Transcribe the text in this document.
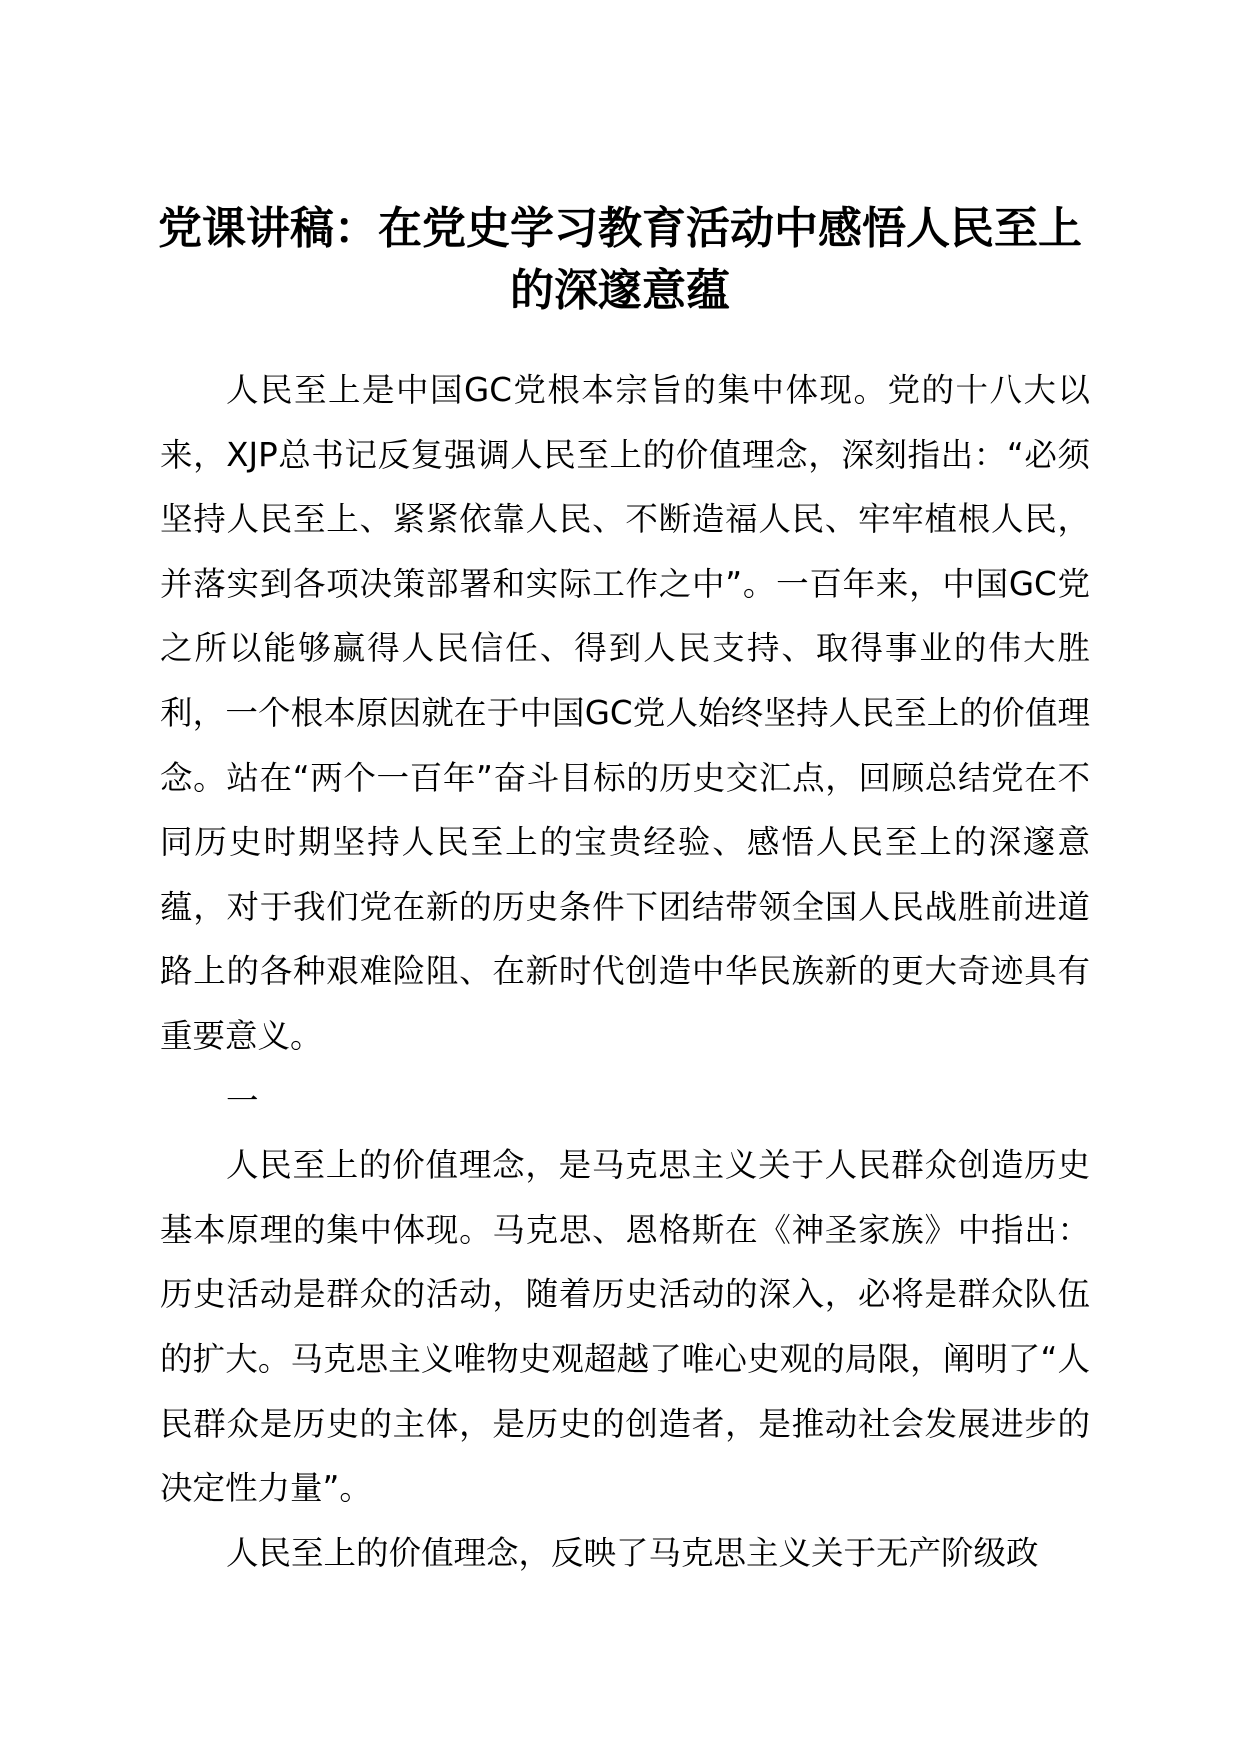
党课讲稿：在党史学习教育活动中感悟人民至上的深邃意蕴

人民至上是中国GC党根本宗旨的集中体现。党的十八大以来，XJP总书记反复强调人民至上的价值理念，深刻指出：“必须坚持人民至上、紧紧依靠人民、不断造福人民、牢牢植根人民，并落实到各项决策部署和实际工作之中”。一百年来，中国GC党之所以能够赢得人民信任、得到人民支持、取得事业的伟大胜利，一个根本原因就在于中国GC党人始终坚持人民至上的价值理念。站在“两个一百年”奋斗目标的历史交汇点，回顾总结党在不同历史时期坚持人民至上的宝贵经验、感悟人民至上的深邃意蕴，对于我们党在新的历史条件下团结带领全国人民战胜前进道路上的各种艰难险阻、在新时代创造中华民族新的更大奇迹具有重要意义。

一

人民至上的价值理念，是马克思主义关于人民群众创造历史基本原理的集中体现。马克思、恩格斯在《神圣家族》中指出：历史活动是群众的活动，随着历史活动的深入，必将是群众队伍的扩大。马克思主义唯物史观超越了唯心史观的局限，阐明了“人民群众是历史的主体，是历史的创造者，是推动社会发展进步的决定性力量”。

人民至上的价值理念，反映了马克思主义关于无产阶级政
